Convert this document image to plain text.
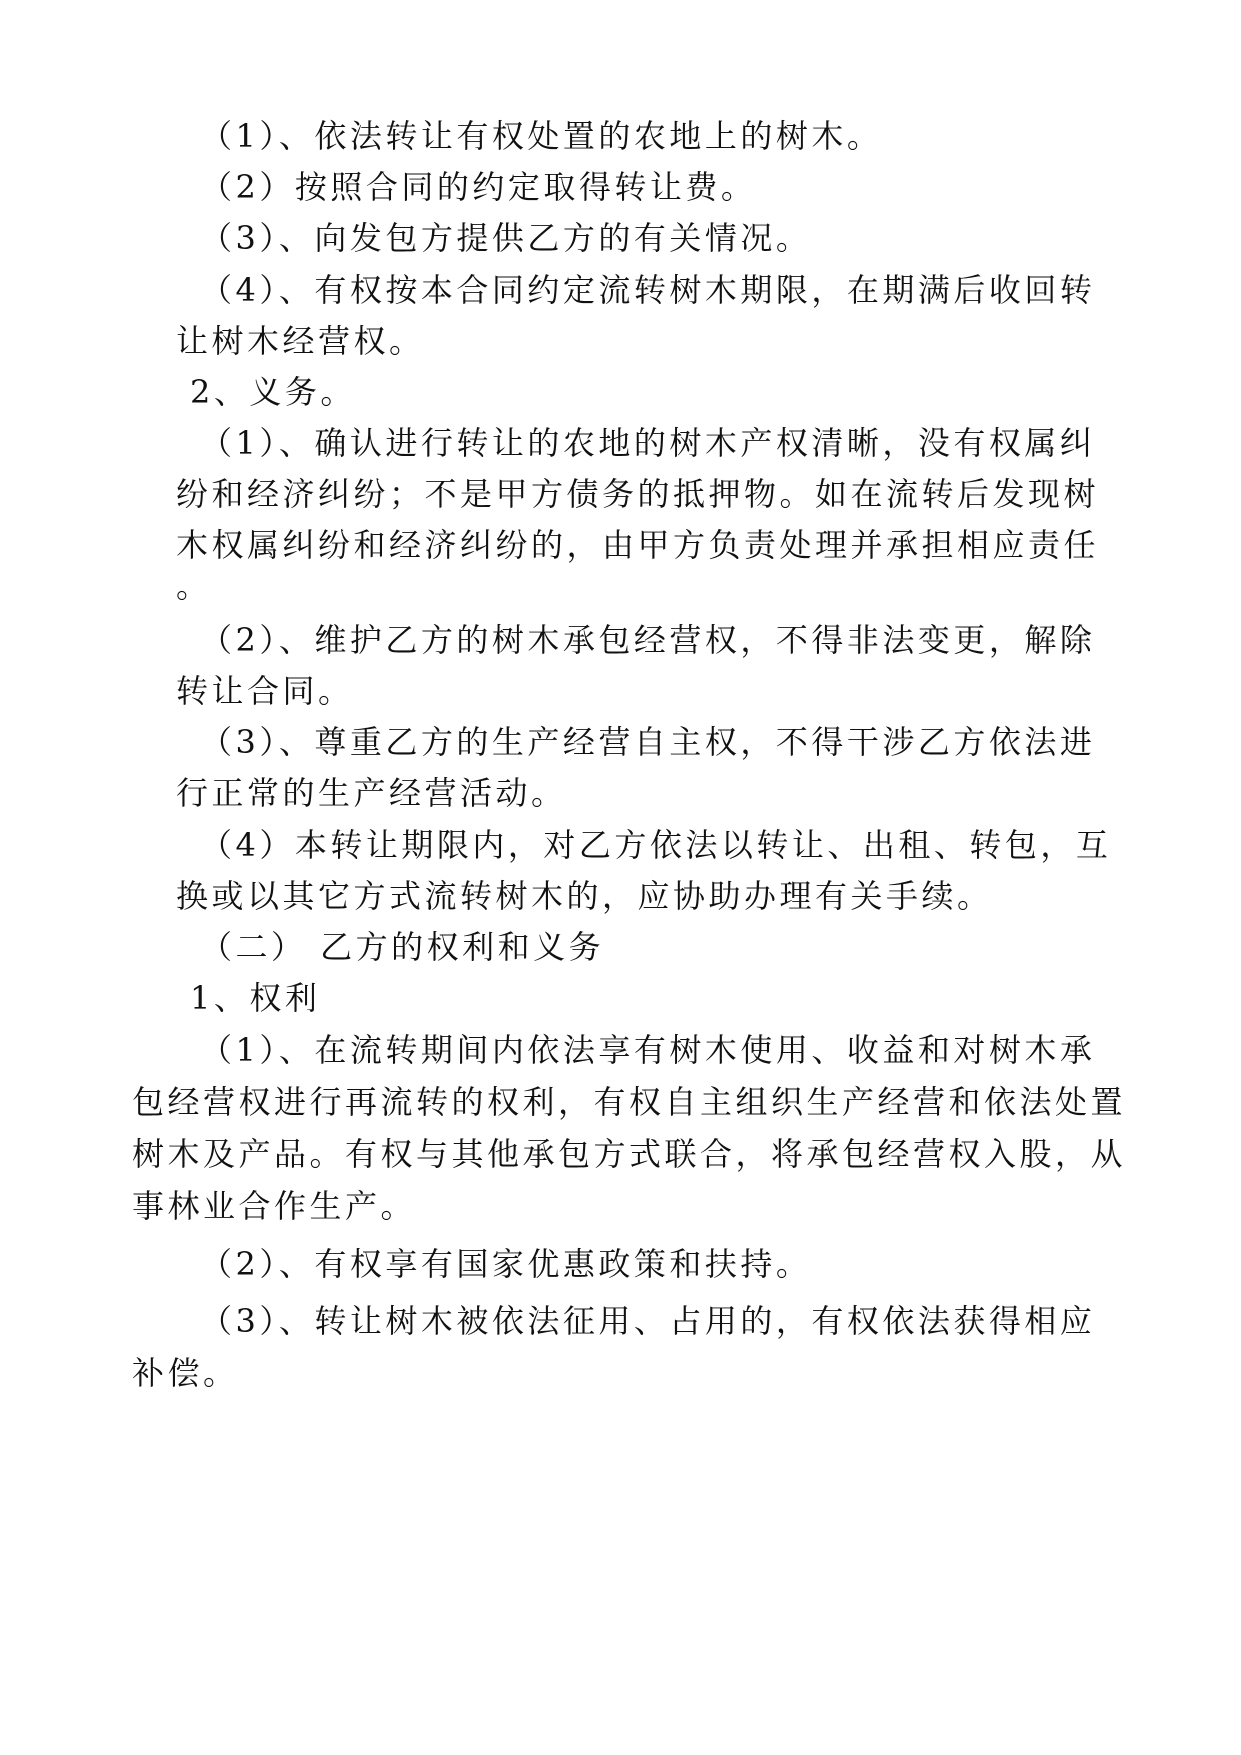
（1）、依法转让有权处置的农地上的树木。
（2）按照合同的约定取得转让费。
（3）、向发包方提供乙方的有关情况。
（4）、有权按本合同约定流转树木期限，在期满后收回转
让树木经营权。
2、义务。
（1）、确认进行转让的农地的树木产权清晰，没有权属纠
纷和经济纠纷；不是甲方债务的抵押物。如在流转后发现树
木权属纠纷和经济纠纷的，由甲方负责处理并承担相应责任
。
（2）、维护乙方的树木承包经营权，不得非法变更，解除
转让合同。
（3）、尊重乙方的生产经营自主权，不得干涉乙方依法进
行正常的生产经营活动。
（4）本转让期限内，对乙方依法以转让、出租、转包，互
换或以其它方式流转树木的，应协助办理有关手续。
（二） 乙方的权利和义务
1、权利
（1）、在流转期间内依法享有树木使用、收益和对树木承
包经营权进行再流转的权利，有权自主组织生产经营和依法处置
树木及产品。有权与其他承包方式联合，将承包经营权入股，从
事林业合作生产。
（2）、有权享有国家优惠政策和扶持。
（3）、转让树木被依法征用、占用的，有权依法获得相应
补偿。
